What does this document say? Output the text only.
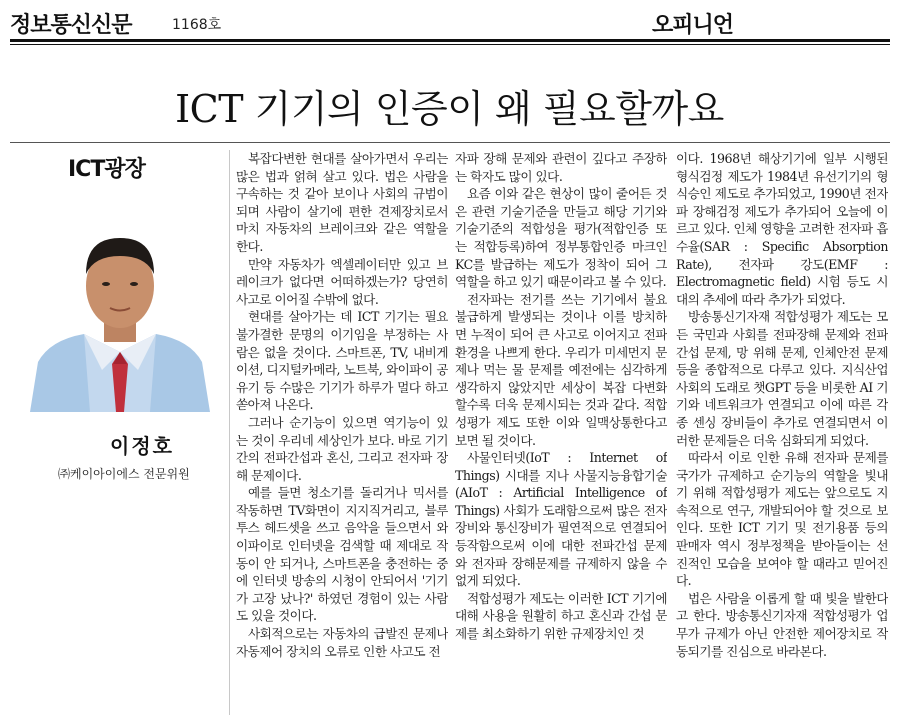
정보통신신문	1168호	오피니언
ICT 기기의 인증이 왜 필요할까요
ICT광장
이정호
㈜케이아이에스 전문위원

복잡다변한 현대를 살아가면서 우리는 많은 법과 얽혀 살고 있다. 법은 사람을 구속하는 것 같아 보이나 사회의 규범이 되며 사람이 살기에 편한 견제장치로서 마치 자동차의 브레이크와 같은 역할을 한다.

만약 자동차가 엑셀레이터만 있고 브레이크가 없다면 어떠하겠는가? 당연히 사고로 이어질 수밖에 없다.

현대를 살아가는 데 ICT 기기는 필요불가결한 문명의 이기임을 부정하는 사람은 없을 것이다. 스마트폰, TV, 내비게이션, 디지털카메라, 노트북, 와이파이 공유기 등 수많은 기기가 하루가 멀다 하고 쏟아져 나온다.

그러나 순기능이 있으면 역기능이 있는 것이 우리네 세상인가 보다. 바로 기기간의 전파간섭과 혼신, 그리고 전자파 장해 문제이다.

예를 들면 청소기를 돌리거나 믹서를 작동하면 TV화면이 지지직거리고, 블루투스 헤드셋을 쓰고 음악을 들으면서 와이파이로 인터넷을 검색할 때 제대로 작동이 안 되거나, 스마트폰을 충전하는 중에 인터넷 방송의 시청이 안되어서 '기기가 고장 났나?' 하였던 경험이 있는 사람도 있을 것이다.

사회적으로는 자동차의 급발진 문제나 자동제어 장치의 오류로 인한 사고도 전

자파 장해 문제와 관련이 깊다고 주장하는 학자도 많이 있다.

요즘 이와 같은 현상이 많이 줄어든 것은 관련 기술기준을 만들고 해당 기기와 기술기준의 적합성을 평가(적합인증 또는 적합등록)하여 정부통합인증 마크인 KC를 발급하는 제도가 정착이 되어 그 역할을 하고 있기 때문이라고 볼 수 있다.

전자파는 전기를 쓰는 기기에서 불요불급하게 발생되는 것이나 이를 방치하면 누적이 되어 큰 사고로 이어지고 전파 환경을 나쁘게 한다. 우리가 미세먼지 문제나 먹는 물 문제를 예전에는 심각하게 생각하지 않았지만 세상이 복잡 다변화할수록 더욱 문제시되는 것과 같다. 적합성평가 제도 또한 이와 일맥상통한다고 보면 될 것이다.

사물인터넷(IoT : Internet of Things) 시대를 지나 사물지능융합기술(AIoT : Artificial Intelligence of Things) 사회가 도래함으로써 많은 전자장비와 통신장비가 필연적으로 연결되어 등작함으로써 이에 대한 전파간섭 문제와 전자파 장해문제를 규제하지 않을 수 없게 되었다.

적합성평가 제도는 이러한 ICT 기기에 대해 사용을 원활히 하고 혼신과 간섭 문제를 최소화하기 위한 규제장치인 것

이다. 1968년 해상기기에 일부 시행된 형식검정 제도가 1984년 유선기기의 형식승인 제도로 추가되었고, 1990년 전자파 장해검정 제도가 추가되어 오늘에 이르고 있다. 인체 영향을 고려한 전자파 흡수율(SAR : Specific Absorption Rate), 전자파 강도(EMF : Electromagnetic field) 시험 등도 시대의 추세에 따라 추가가 되었다.

방송통신기자재 적합성평가 제도는 모든 국민과 사회를 전파장해 문제와 전파간섭 문제, 망 위해 문제, 인체안전 문제 등을 종합적으로 다루고 있다. 지식산업 사회의 도래로 챗GPT 등을 비롯한 AI 기기와 네트워크가 연결되고 이에 따른 각종 센싱 장비들이 추가로 연결되면서 이러한 문제들은 더욱 심화되게 되었다.

따라서 이로 인한 유해 전자파 문제를 국가가 규제하고 순기능의 역할을 빛내기 위해 적합성평가 제도는 앞으로도 지속적으로 연구, 개발되어야 할 것으로 보인다. 또한 ICT 기기 및 전기용품 등의 판매자 역시 정부정책을 받아들이는 선진적인 모습을 보여야 할 때라고 믿어진다.

법은 사람을 이롭게 할 때 빛을 발한다고 한다. 방송통신기자재 적합성평가 업무가 규제가 아닌 안전한 제어장치로 작동되기를 진심으로 바라본다.
